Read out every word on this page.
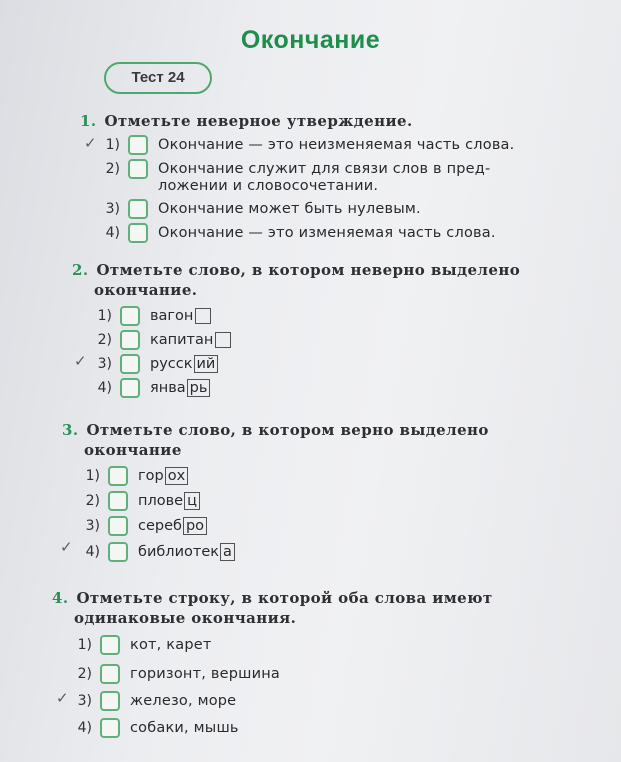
Окончание
Тест 24
1. Отметьте неверное утверждение.
✓ 1)	Окончание — это неизменяемая часть слова.
2)	Окончание служит для связи слов в пред-
ложении и словосочетании.
3)	Окончание может быть нулевым.
4)	Окончание — это изменяемая часть слова.
2. Отметьте слово, в котором неверно выделено
окончание.
1)	вагон
2)	капитан
✓ 3)	русск ий
4)	янва рь
3. Отметьте слово, в котором верно выделено
окончание
1)	гор ох
2)	плове ц
3)	сереб ро
✓ 4)	библиотек а
4. Отметьте строку, в которой оба слова имеют
одинаковые окончания.
1)	кот, карет
2)	горизонт, вершина
✓ 3)	железо, море
4)	собаки, мышь
